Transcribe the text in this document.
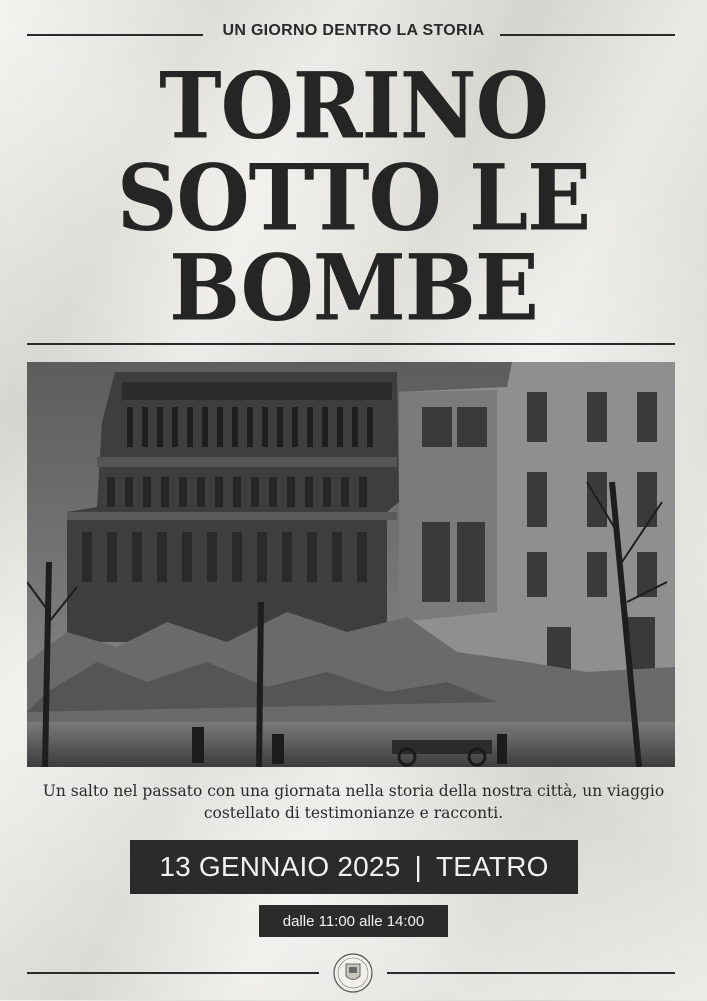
UN GIORNO DENTRO LA STORIA
TORINO
SOTTO LE
BOMBE
Un salto nel passato con una giornata nella storia della nostra città, un viaggio
costellato di testimonianze e racconti.
13 GENNAIO 2025 | TEATRO
dalle 11:00 alle 14:00
